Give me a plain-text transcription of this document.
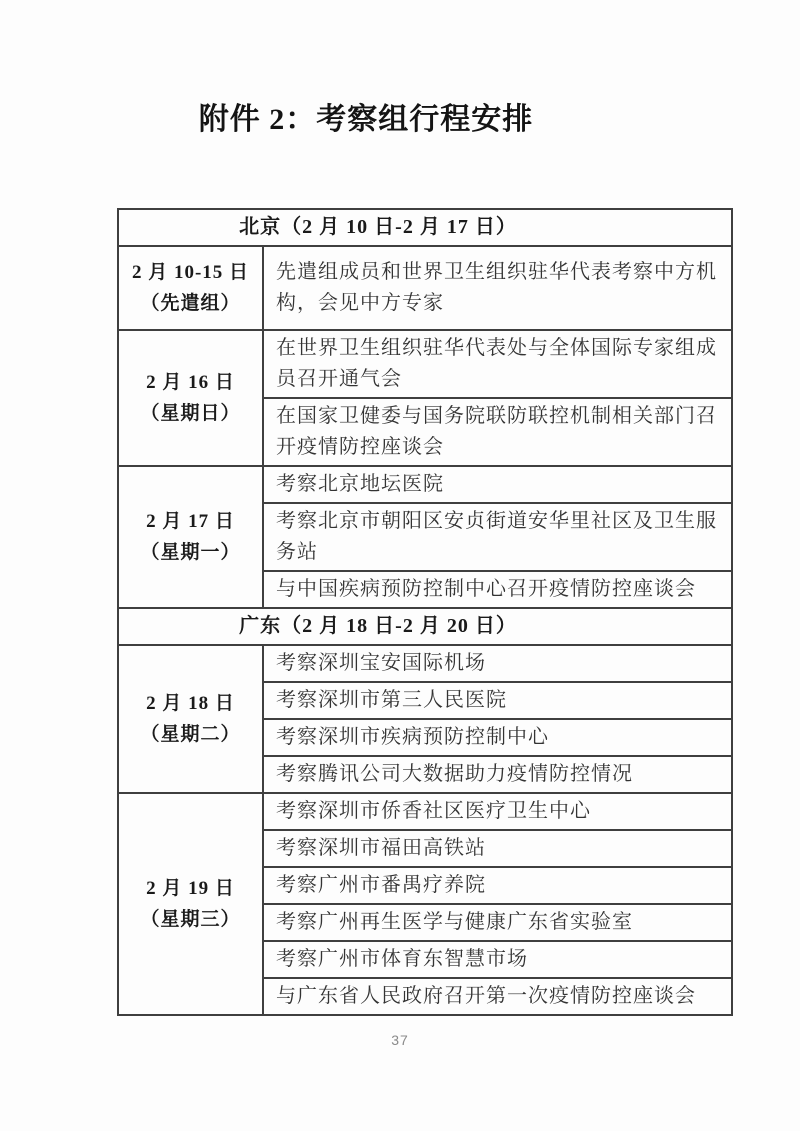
附件 2：考察组行程安排
北京（2 月 10 日-2 月 17 日）	

2 月 10-15 日
（先遣组）	先遣组成员和世界卫生组织驻华代表考察中方机构，会见中方专家

2 月 16 日
（星期日）	在世界卫生组织驻华代表处与全体国际专家组成员召开通气会
	在国家卫健委与国务院联防联控机制相关部门召开疫情防控座谈会

2 月 17 日
（星期一）	考察北京地坛医院
	考察北京市朝阳区安贞街道安华里社区及卫生服务站
	与中国疾病预防控制中心召开疫情防控座谈会
广东（2 月 18 日-2 月 20 日）	

2 月 18 日
（星期二）	考察深圳宝安国际机场
	考察深圳市第三人民医院
	考察深圳市疾病预防控制中心
	考察腾讯公司大数据助力疫情防控情况

2 月 19 日
（星期三）	考察深圳市侨香社区医疗卫生中心
	考察深圳市福田高铁站
	考察广州市番禺疗养院
	考察广州再生医学与健康广东省实验室
	考察广州市体育东智慧市场
	与广东省人民政府召开第一次疫情防控座谈会
37
